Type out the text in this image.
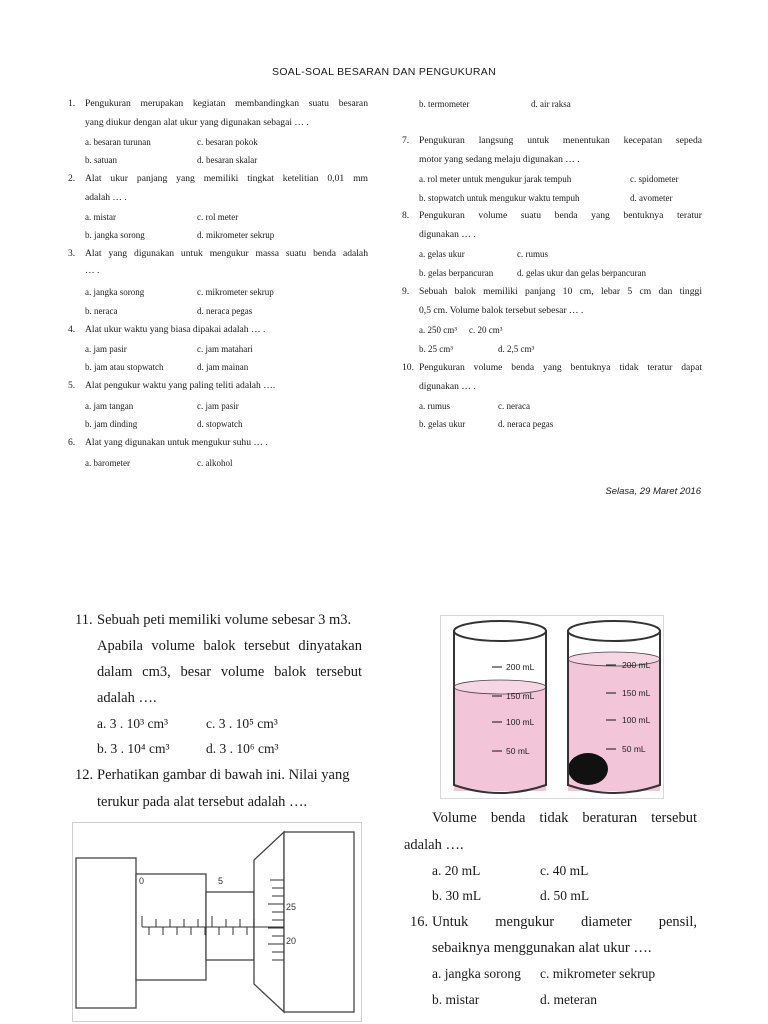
SOAL-SOAL BESARAN DAN PENGUKURAN
1. Pengukuran merupakan kegiatan membandingkan suatu besaran
yang diukur dengan alat ukur yang digunakan sebagai … .
a. besaran turunan	c. besaran pokok
b. satuan	d. besaran skalar
2. Alat ukur panjang yang memiliki tingkat ketelitian 0,01 mm
adalah … .
a. mistar	c. rol meter
b. jangka sorong	d. mikrometer sekrup
3. Alat yang digunakan untuk mengukur massa suatu benda adalah
… .
a. jangka sorong	c. mikrometer sekrup
b. neraca	d. neraca pegas
4. Alat ukur waktu yang biasa dipakai adalah … .
a. jam pasir	c. jam matahari
b. jam atau stopwatch	d. jam mainan
5. Alat pengukur waktu yang paling teliti adalah ….
a. jam tangan	c. jam pasir
b. jam dinding	d. stopwatch
6. Alat yang digunakan untuk mengukur suhu … .
a. barometer	c. alkohol
b. termometer	d. air raksa
7. Pengukuran langsung untuk menentukan kecepatan sepeda
motor yang sedang melaju digunakan … .
a. rol meter untuk mengukur jarak tempuh	c. spidometer
b. stopwatch untuk mengukur waktu tempuh	d. avometer
8. Pengukuran volume suatu benda yang bentuknya teratur
digunakan … .
a. gelas ukur	c. rumus
b. gelas berpancuran	d. gelas ukur dan gelas berpancuran
9. Sebuah balok memiliki panjang 10 cm, lebar 5 cm dan tinggi
0,5 cm. Volume balok tersebut sebesar … .
a. 250 cm³ c. 20 cm³
b. 25 cm³	d. 2,5 cm³
10. Pengukuran volume benda yang bentuknya tidak teratur dapat
digunakan … .
a. rumus	c. neraca
b. gelas ukur	d. neraca pegas
Selasa, 29 Maret 2016
11. Sebuah peti memiliki volume sebesar 3 m3.
Apabila volume balok tersebut dinyatakan
dalam cm3, besar volume balok tersebut
adalah ….
a. 3 . 10³ cm³	c. 3 . 10⁵ cm³
b. 3 . 10⁴ cm³	d. 3 . 10⁶ cm³
12. Perhatikan gambar di bawah ini. Nilai yang
terukur pada alat tersebut adalah ….
0	5
25
20
200 mL
150 mL
100 mL
50 mL
200 mL
150 mL
100 mL
50 mL
Volume benda tidak beraturan tersebut
adalah ….
a. 20 mL	c. 40 mL
b. 30 mL	d. 50 mL
16. Untuk mengukur diameter pensil,
sebaiknya menggunakan alat ukur ….
a. jangka sorong c. mikrometer sekrup
b. mistar	d. meteran
